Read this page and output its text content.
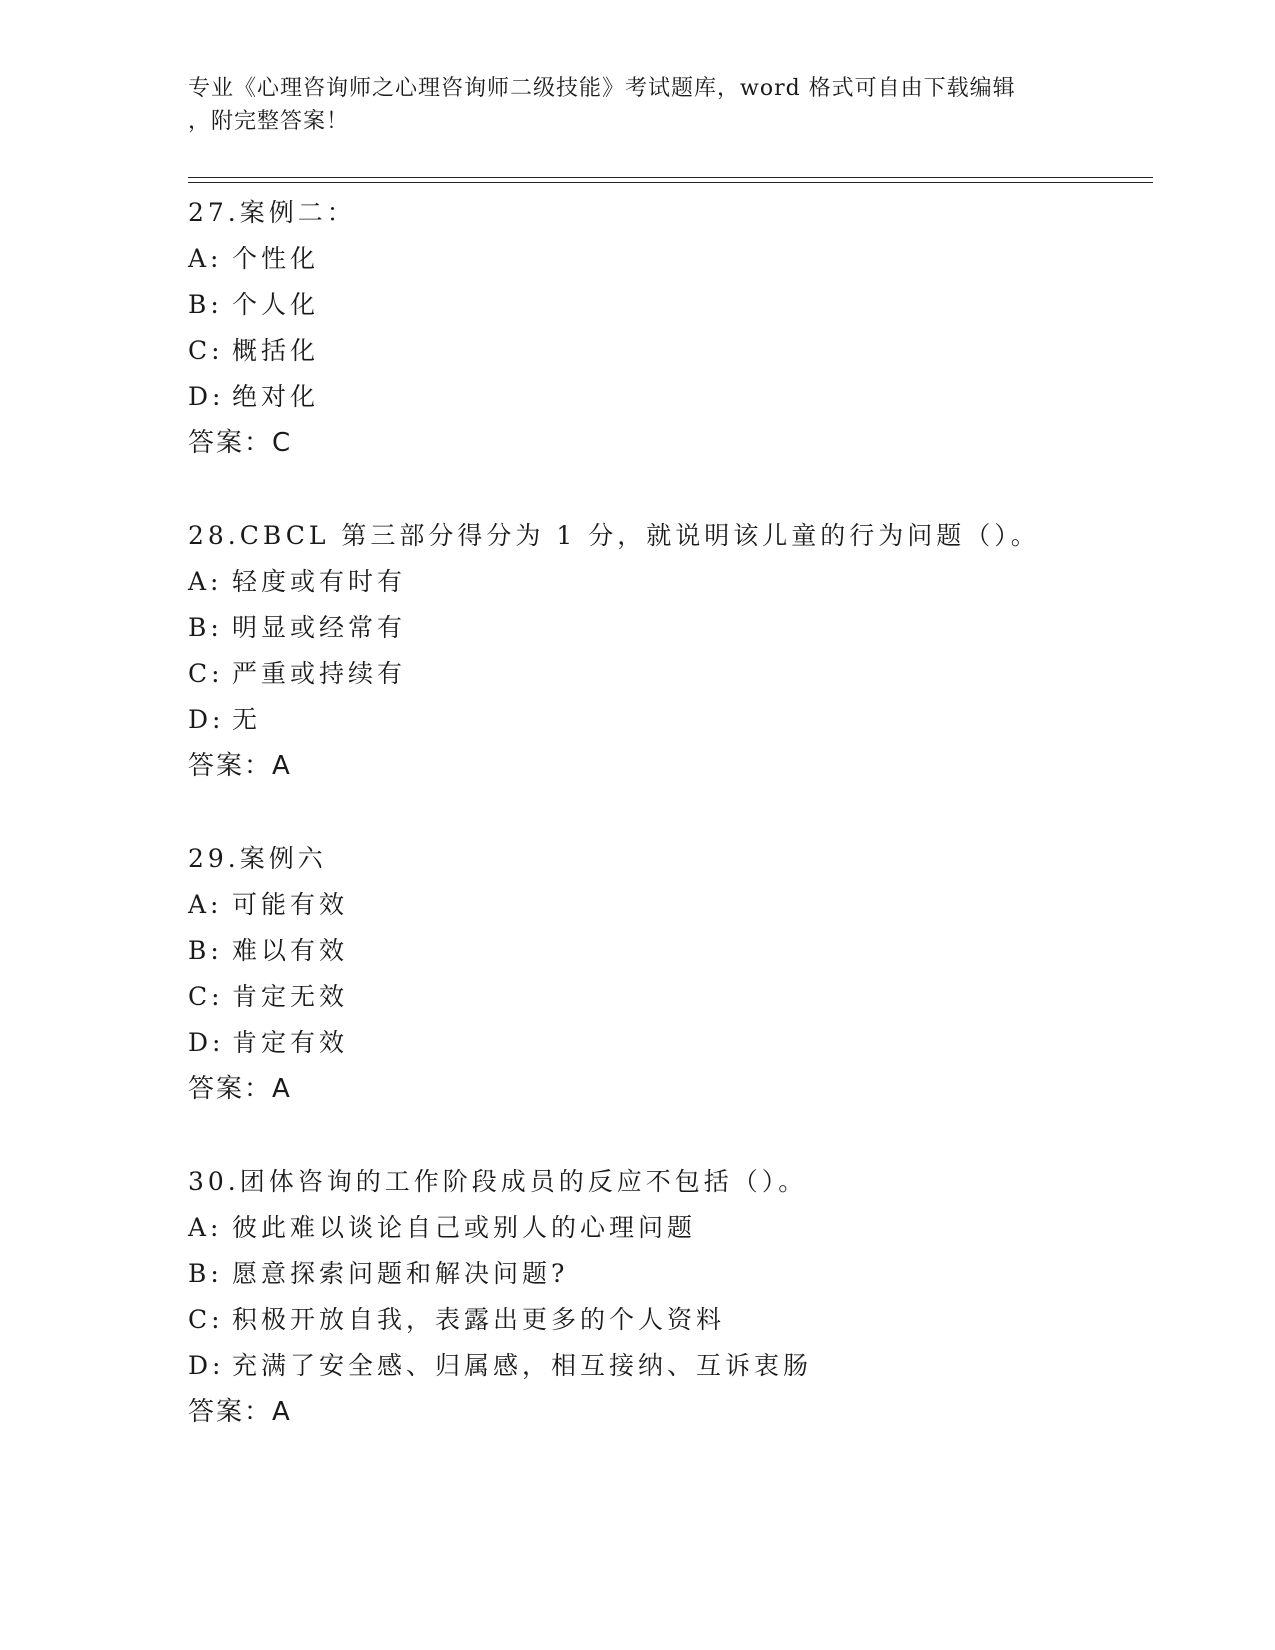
专业《心理咨询师之心理咨询师二级技能》考试题库，word 格式可自由下载编辑
，附完整答案！
27.案例二：
A: 个性化
B: 个人化
C: 概括化
D: 绝对化
答案：C
28.CBCL 第三部分得分为 1 分，就说明该儿童的行为问题（）。
A: 轻度或有时有
B: 明显或经常有
C: 严重或持续有
D: 无
答案：A
29.案例六
A: 可能有效
B: 难以有效
C: 肯定无效
D: 肯定有效
答案：A
30.团体咨询的工作阶段成员的反应不包括（）。
A: 彼此难以谈论自己或别人的心理问题
B: 愿意探索问题和解决问题?
C: 积极开放自我，表露出更多的个人资料
D: 充满了安全感、归属感，相互接纳、互诉衷肠
答案：A
